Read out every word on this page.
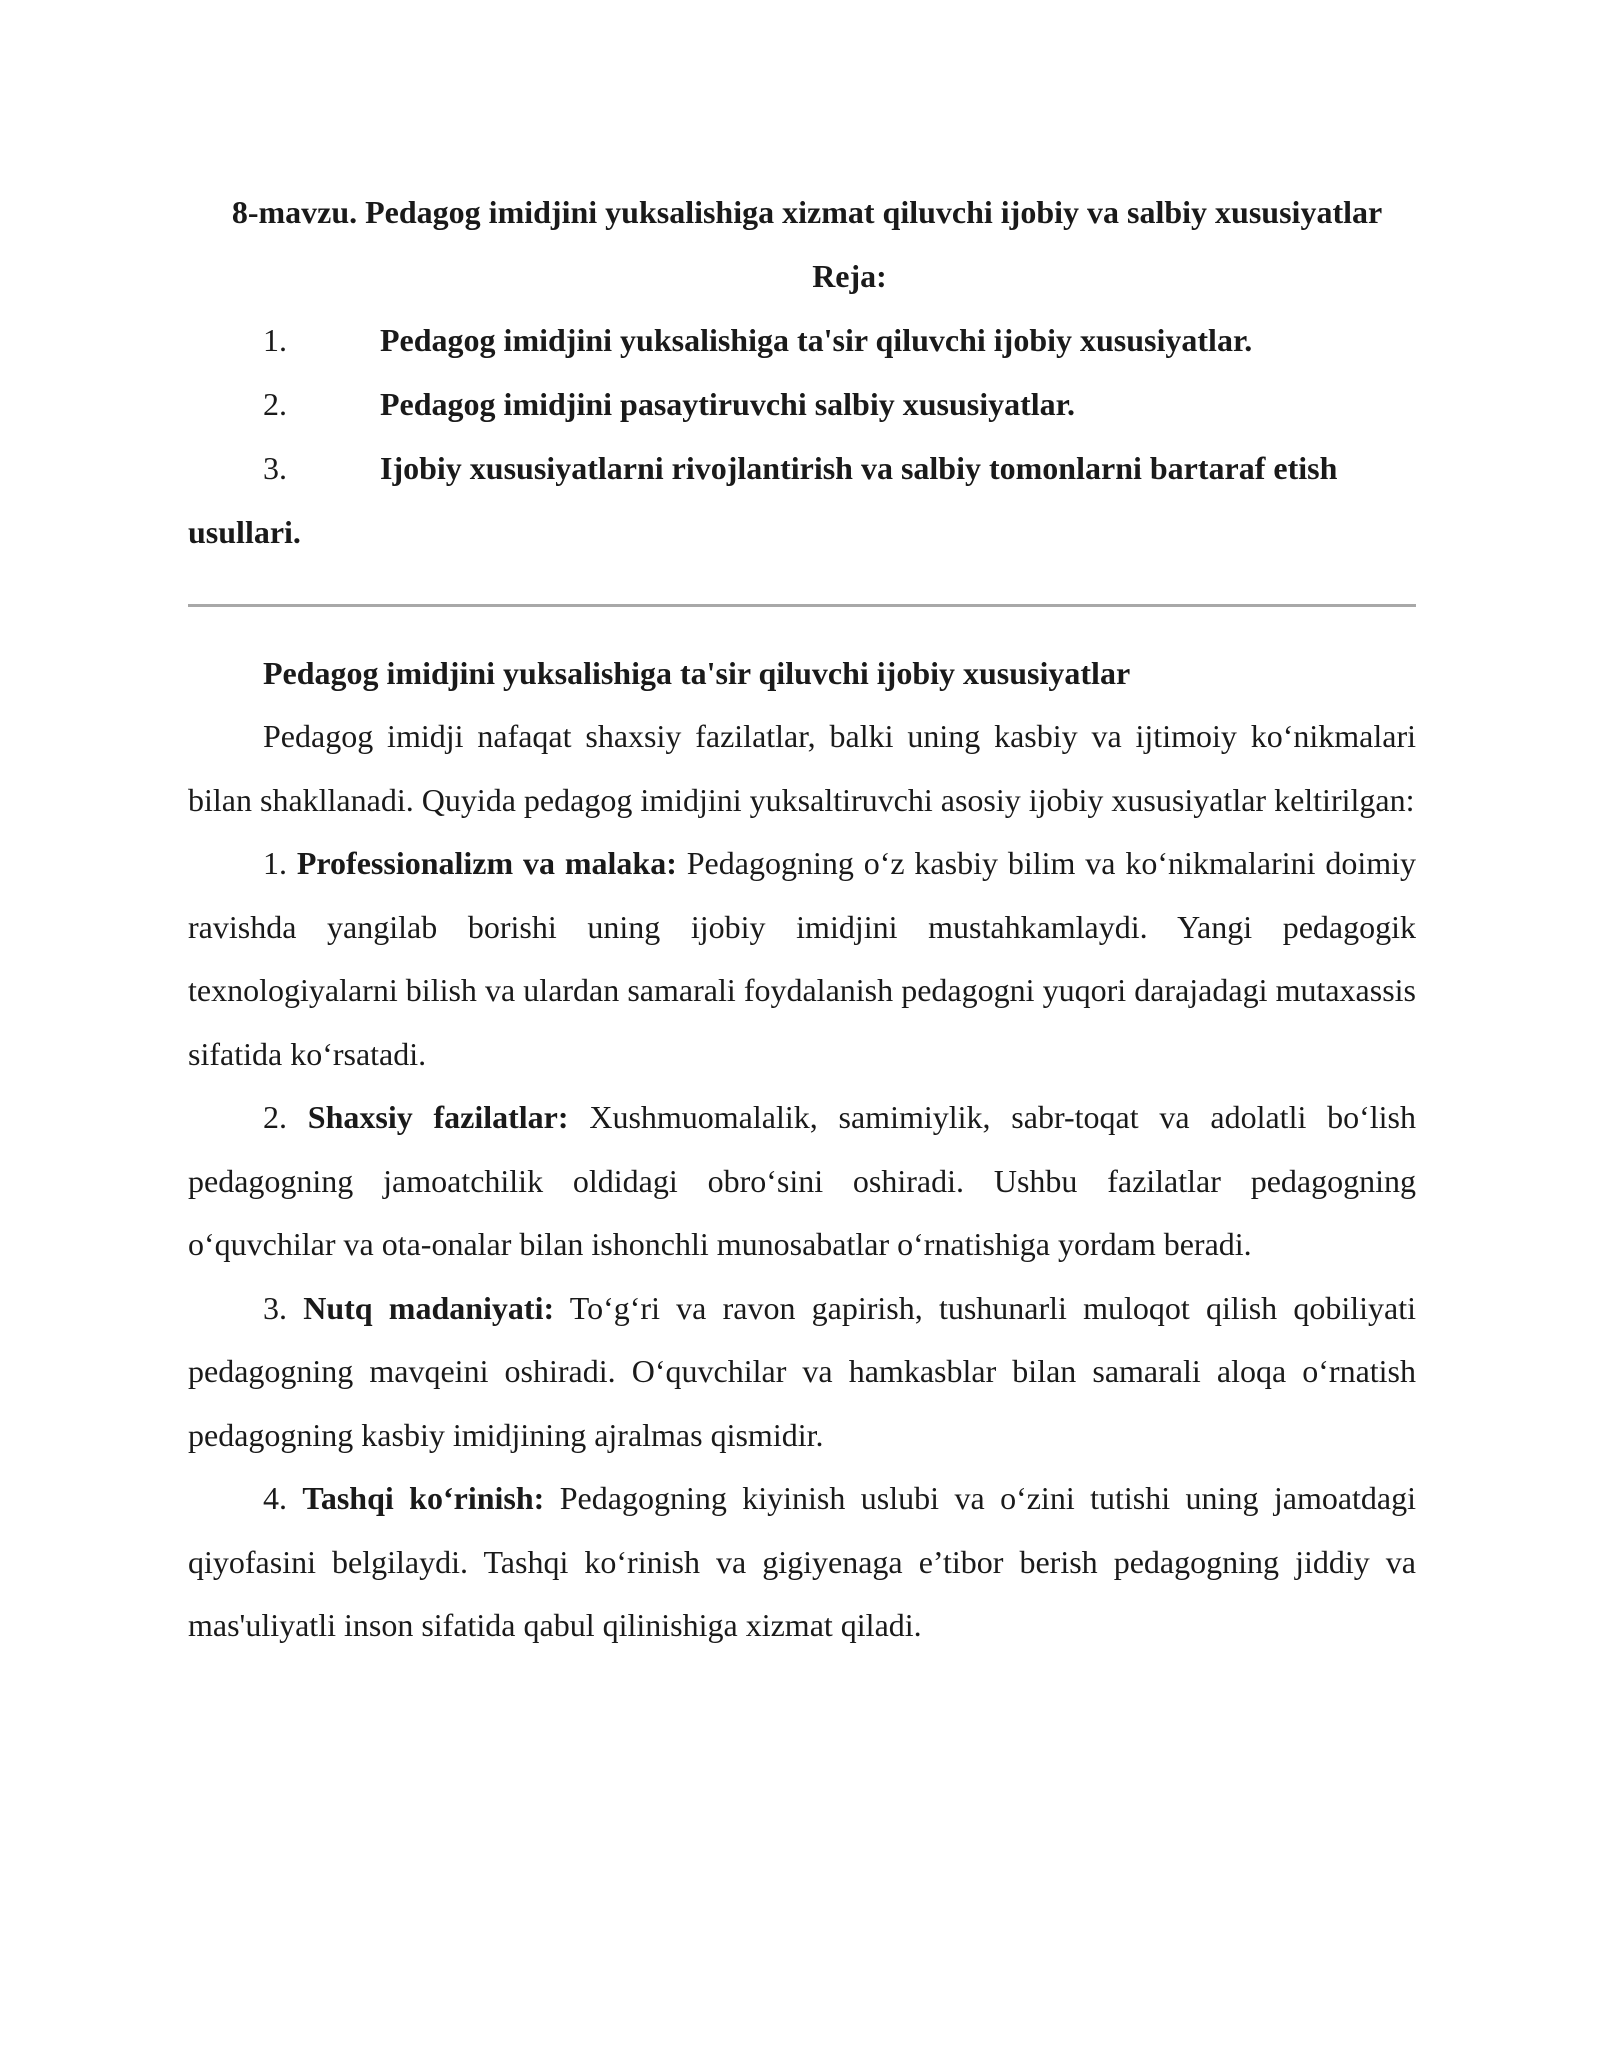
8-mavzu. Pedagog imidjini yuksalishiga xizmat qiluvchi ijobiy va salbiy xususiyatlar

Reja:

1.	Pedagog imidjini yuksalishiga ta'sir qiluvchi ijobiy xususiyatlar.
2.	Pedagog imidjini pasaytiruvchi salbiy xususiyatlar.
3.	Ijobiy xususiyatlarni rivojlantirish va salbiy tomonlarni bartaraf etish usullari.
Pedagog imidjini yuksalishiga ta'sir qiluvchi ijobiy xususiyatlar

Pedagog imidji nafaqat shaxsiy fazilatlar, balki uning kasbiy va ijtimoiy ko‘nikmalari bilan shakllanadi. Quyida pedagog imidjini yuksaltiruvchi asosiy ijobiy xususiyatlar keltirilgan:

1. Professionalizm va malaka: Pedagogning o‘z kasbiy bilim va ko‘nikmalarini doimiy ravishda yangilab borishi uning ijobiy imidjini mustahkamlaydi. Yangi pedagogik texnologiyalarni bilish va ulardan samarali foydalanish pedagogni yuqori darajadagi mutaxassis sifatida ko‘rsatadi.

2. Shaxsiy fazilatlar: Xushmuomalalik, samimiylik, sabr-toqat va adolatli bo‘lish pedagogning jamoatchilik oldidagi obro‘sini oshiradi. Ushbu fazilatlar pedagogning o‘quvchilar va ota-onalar bilan ishonchli munosabatlar o‘rnatishiga yordam beradi.

3. Nutq madaniyati: To‘g‘ri va ravon gapirish, tushunarli muloqot qilish qobiliyati pedagogning mavqeini oshiradi. O‘quvchilar va hamkasblar bilan samarali aloqa o‘rnatish pedagogning kasbiy imidjining ajralmas qismidir.

4. Tashqi ko‘rinish: Pedagogning kiyinish uslubi va o‘zini tutishi uning jamoatdagi qiyofasini belgilaydi. Tashqi ko‘rinish va gigiyenaga e’tibor berish pedagogning jiddiy va mas'uliyatli inson sifatida qabul qilinishiga xizmat qiladi.
